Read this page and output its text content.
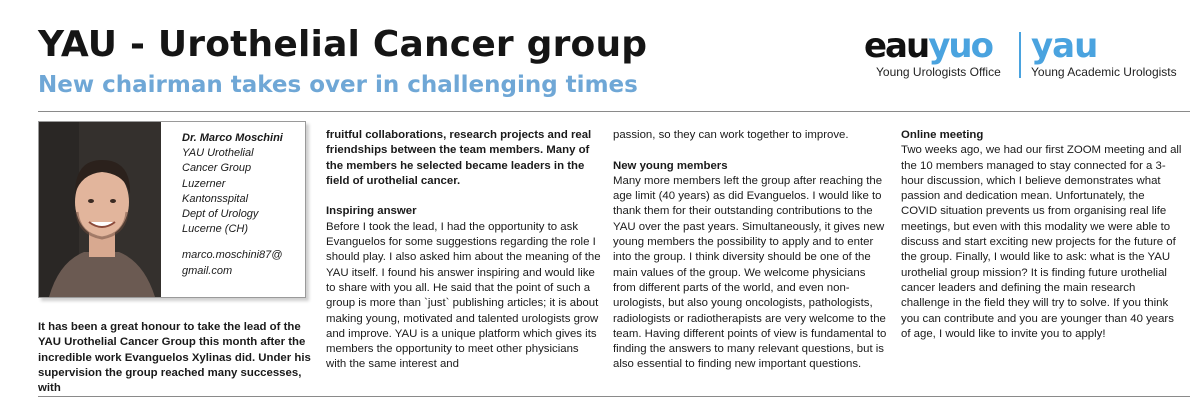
YAU - Urothelial Cancer group
New chairman takes over in challenging times
eauyuo
Young Urologists Office
yau
Young Academic Urologists
Dr. Marco Moschini
YAU Urothelial
Cancer Group
Luzerner
Kantonsspital
Dept of Urology
Lucerne (CH)
marco.moschini87@
gmail.com

It has been a great honour to take the lead of the YAU Urothelial Cancer Group this month after the incredible work Evanguelos Xylinas did. Under his supervision the group reached many successes, with

fruitful collaborations, research projects and real friendships between the team members. Many of the members he selected became leaders in the field of urothelial cancer.

Inspiring answer

Before I took the lead, I had the opportunity to ask Evanguelos for some suggestions regarding the role I should play. I also asked him about the meaning of the YAU itself. I found his answer inspiring and would like to share with you all. He said that the point of such a group is more than `just` publishing articles; it is about making young, motivated and talented urologists grow and improve. YAU is a unique platform which gives its members the opportunity to meet other physicians with the same interest and

passion, so they can work together to improve.

New young members

Many more members left the group after reaching the age limit (40 years) as did Evanguelos. I would like to thank them for their outstanding contributions to the YAU over the past years. Simultaneously, it gives new young members the possibility to apply and to enter into the group. I think diversity should be one of the main values of the group. We welcome physicians from different parts of the world, and even non-urologists, but also young oncologists, pathologists, radiologists or radiotherapists are very welcome to the team. Having different points of view is fundamental to finding the answers to many relevant questions, but is also essential to finding new important questions.

Online meeting

Two weeks ago, we had our first ZOOM meeting and all the 10 members managed to stay connected for a 3-hour discussion, which I believe demonstrates what passion and dedication mean. Unfortunately, the COVID situation prevents us from organising real life meetings, but even with this modality we were able to discuss and start exciting new projects for the future of the group. Finally, I would like to ask: what is the YAU urothelial group mission? It is finding future urothelial cancer leaders and defining the main research challenge in the field they will try to solve. If you think you can contribute and you are younger than 40 years of age, I would like to invite you to apply!
